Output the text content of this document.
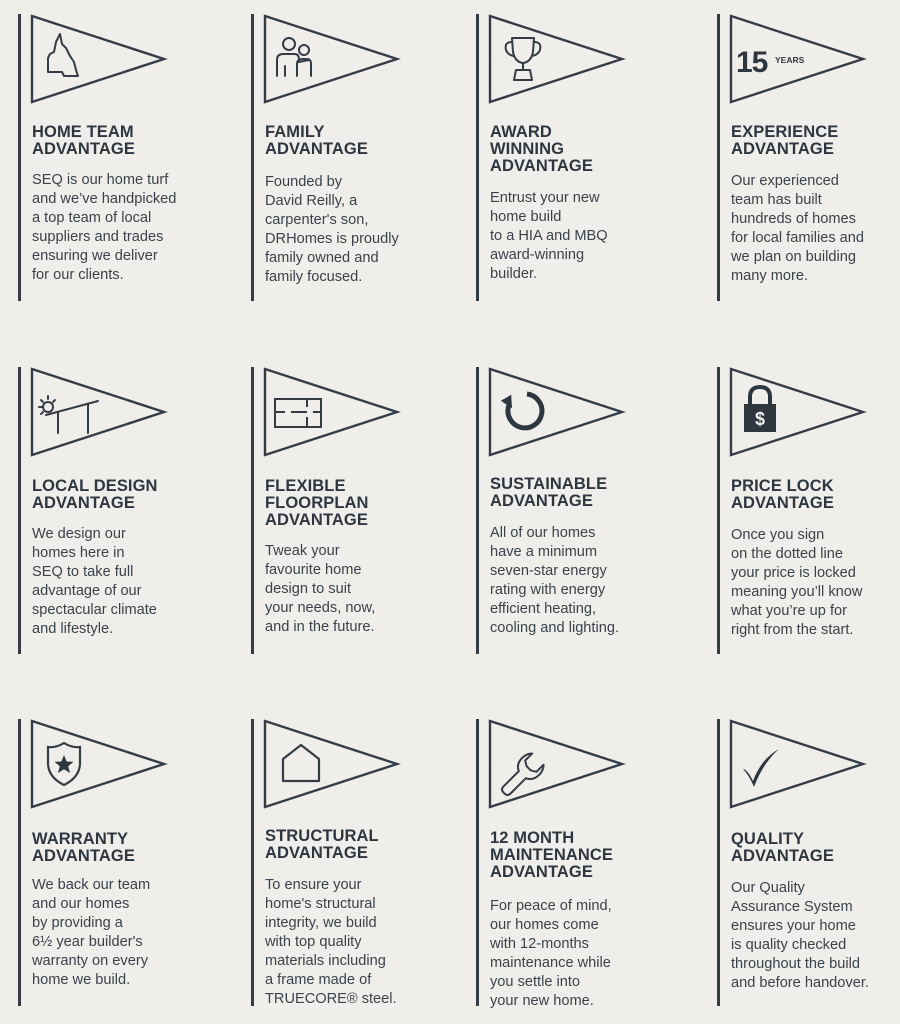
HOME TEAM
ADVANTAGE
SEQ is our home turf
and we’ve handpicked
a top team of local
suppliers and trades
ensuring we deliver
for our clients.
FAMILY
ADVANTAGE
Founded by
David Reilly, a
carpenter's son,
DRHomes is proudly
family owned and
family focused.
AWARD
WINNING
ADVANTAGE
Entrust your new
home build
to a HIA and MBQ
award-winning
builder.
15 YEARS
EXPERIENCE
ADVANTAGE
Our experienced
team has built
hundreds of homes
for local families and
we plan on building
many more.
LOCAL DESIGN
ADVANTAGE
We design our
homes here in
SEQ to take full
advantage of our
spectacular climate
and lifestyle.
FLEXIBLE
FLOORPLAN
ADVANTAGE
Tweak your
favourite home
design to suit
your needs, now,
and in the future.
SUSTAINABLE
ADVANTAGE
All of our homes
have a minimum
seven-star energy
rating with energy
efficient heating,
cooling and lighting.
$
PRICE LOCK
ADVANTAGE
Once you sign
on the dotted line
your price is locked
meaning you’ll know
what you’re up for
right from the start.
WARRANTY
ADVANTAGE
We back our team
and our homes
by providing a
6½ year builder's
warranty on every
home we build.
STRUCTURAL
ADVANTAGE
To ensure your
home's structural
integrity, we build
with top quality
materials including
a frame made of
TRUECORE® steel.
12 MONTH
MAINTENANCE
ADVANTAGE
For peace of mind,
our homes come
with 12-months
maintenance while
you settle into
your new home.
QUALITY
ADVANTAGE
Our Quality
Assurance System
ensures your home
is quality checked
throughout the build
and before handover.
